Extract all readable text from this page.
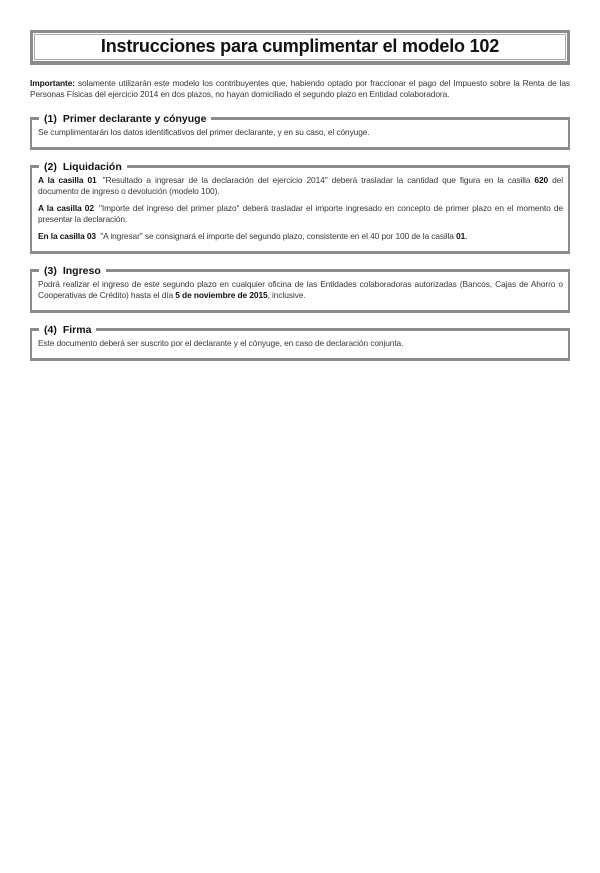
Instrucciones para cumplimentar el modelo 102

Importante: solamente utilizarán este modelo los contribuyentes que, habiendo optado por fraccionar el pago del Impuesto sobre la Renta de las Personas Físicas del ejercicio 2014 en dos plazos, no hayan domiciliado el segundo plazo en Entidad colaboradora.

(1) Primer declarante y cónyuge

Se cumplimentarán los datos identificativos del primer declarante, y en su caso, el cónyuge.

(2) Liquidación

A la casilla 01 "Resultado a ingresar de la declaración del ejercicio 2014" deberá trasladar la cantidad que figura en la casilla 620 del documento de ingreso o devolución (modelo 100).

A la casilla 02 "Importe del ingreso del primer plazo" deberá trasladar el importe ingresado en concepto de primer plazo en el momento de presentar la declaración.

En la casilla 03 "A ingresar" se consignará el importe del segundo plazo, consistente en el 40 por 100 de la casilla 01.

(3) Ingreso

Podrá realizar el ingreso de este segundo plazo en cualquier oficina de las Entidades colaboradoras autorizadas (Bancos, Cajas de Ahorro o Cooperativas de Crédito) hasta el día 5 de noviembre de 2015, inclusive.

(4) Firma

Este documento deberá ser suscrito por el declarante y el cónyuge, en caso de declaración conjunta.
